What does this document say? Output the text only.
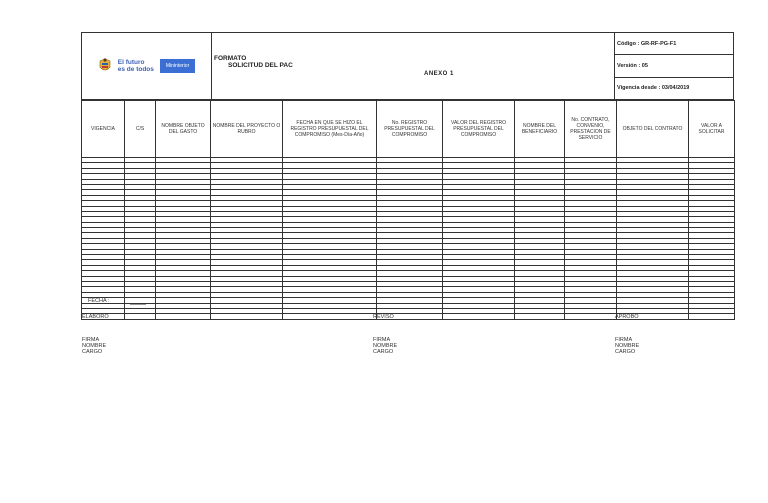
El futuro
es de todos	Mininterior
FORMATO
SOLICITUD DEL PAC
ANEXO 1
Código : GR-RF-PG-F1
Versión : 05
Vigencia desde : 03/04/2019
VIGENCIA	C/S	NOMBRE OBJETO DEL GASTO	NOMBRE DEL PROYECTO O RUBRO	FECHA EN QUE SE HIZO EL REGISTRO PRESUPUESTAL DEL COMPROMISO (Mes-Día-Año)	No. REGISTRO PRESUPUESTAL DEL COMPROMISO	VALOR DEL REGISTRO PRESUPUESTAL DEL COMPROMISO	NOMBRE DEL BENEFICIARIO	No. CONTRATO, CONVENIO, PRESTACION DE SERVICIO	OBJETO DEL CONTRATO	VALOR A SOLICITAR

FECHA :
ELABORO
FIRMA
NOMBRE
CARGO
REVISO
FIRMA
NOMBRE
CARGO
APROBO
FIRMA
NOMBRE
CARGO
